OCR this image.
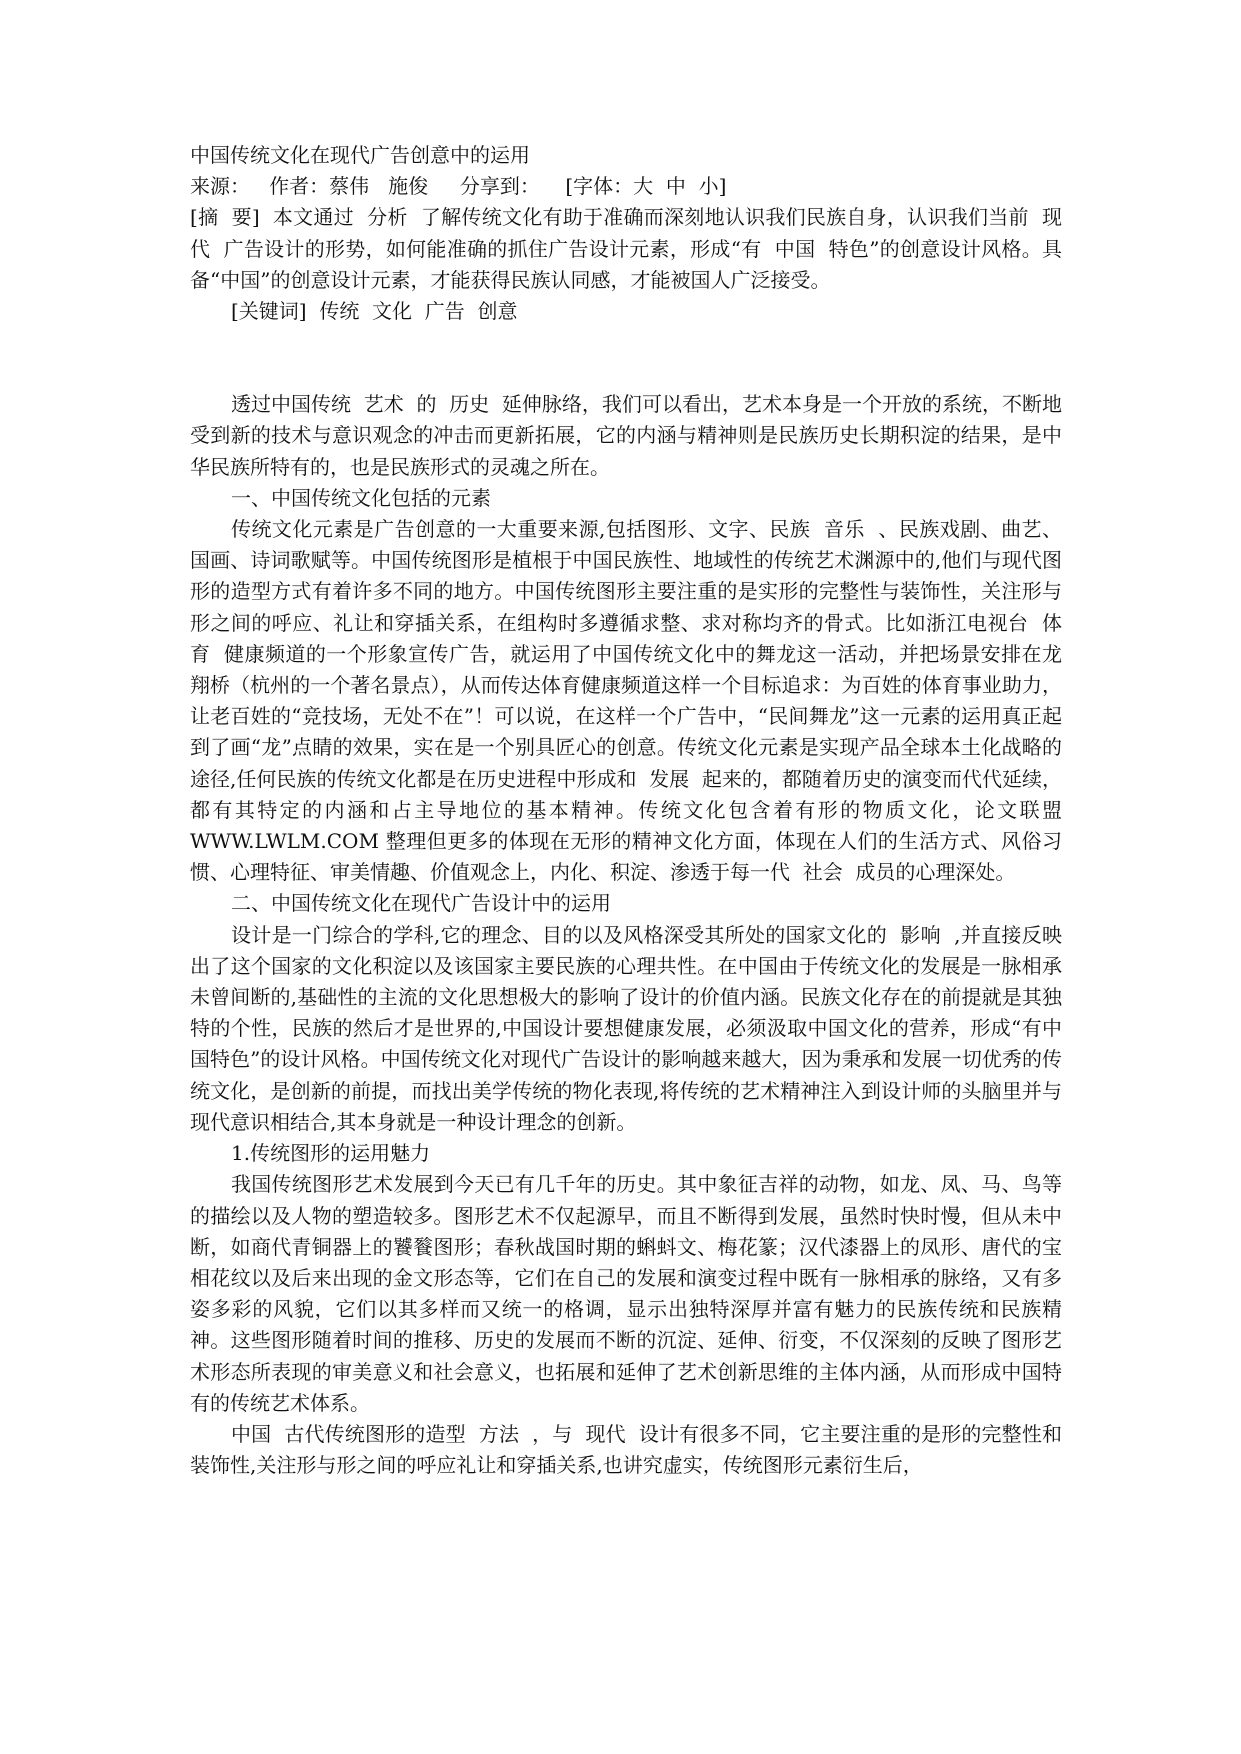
中国传统文化在现代广告创意中的运用

来源：   作者：蔡伟   施俊     分享到：    [字体：大  中  小]

[摘  要]  本文通过  分析  了解传统文化有助于准确而深刻地认识我们民族自身，认识我们当前  现代  广告设计的形势，如何能准确的抓住广告设计元素，形成“有  中国  特色”的创意设计风格。具备“中国”的创意设计元素，才能获得民族认同感，才能被国人广泛接受。

[关键词]  传统  文化  广告  创意

透过中国传统  艺术  的  历史  延伸脉络，我们可以看出，艺术本身是一个开放的系统，不断地受到新的技术与意识观念的冲击而更新拓展，它的内涵与精神则是民族历史长期积淀的结果，是中华民族所特有的，也是民族形式的灵魂之所在。

一、中国传统文化包括的元素

传统文化元素是广告创意的一大重要来源,包括图形、文字、民族  音乐  、民族戏剧、曲艺、国画、诗词歌赋等。中国传统图形是植根于中国民族性、地域性的传统艺术渊源中的,他们与现代图形的造型方式有着许多不同的地方。中国传统图形主要注重的是实形的完整性与装饰性，关注形与形之间的呼应、礼让和穿插关系，在组构时多遵循求整、求对称均齐的骨式。比如浙江电视台  体育  健康频道的一个形象宣传广告，就运用了中国传统文化中的舞龙这一活动，并把场景安排在龙翔桥（杭州的一个著名景点），从而传达体育健康频道这样一个目标追求：为百姓的体育事业助力，让老百姓的“竞技场，无处不在”！可以说，在这样一个广告中，“民间舞龙”这一元素的运用真正起到了画“龙”点睛的效果，实在是一个别具匠心的创意。传统文化元素是实现产品全球本土化战略的途径,任何民族的传统文化都是在历史进程中形成和  发展  起来的，都随着历史的演变而代代延续，都有其特定的内涵和占主导地位的基本精神。传统文化包含着有形的物质文化，论文联盟 WWW.LWLM.COM 整理但更多的体现在无形的精神文化方面，体现在人们的生活方式、风俗习惯、心理特征、审美情趣、价值观念上，内化、积淀、渗透于每一代  社会  成员的心理深处。

二、中国传统文化在现代广告设计中的运用

设计是一门综合的学科,它的理念、目的以及风格深受其所处的国家文化的  影响  ,并直接反映出了这个国家的文化积淀以及该国家主要民族的心理共性。在中国由于传统文化的发展是一脉相承未曾间断的,基础性的主流的文化思想极大的影响了设计的价值内涵。民族文化存在的前提就是其独特的个性，民族的然后才是世界的,中国设计要想健康发展，必须汲取中国文化的营养，形成“有中国特色”的设计风格。中国传统文化对现代广告设计的影响越来越大，因为秉承和发展一切优秀的传统文化，是创新的前提，而找出美学传统的物化表现,将传统的艺术精神注入到设计师的头脑里并与现代意识相结合,其本身就是一种设计理念的创新。

1.传统图形的运用魅力

我国传统图形艺术发展到今天已有几千年的历史。其中象征吉祥的动物，如龙、凤、马、鸟等的描绘以及人物的塑造较多。图形艺术不仅起源早，而且不断得到发展，虽然时快时慢，但从未中断，如商代青铜器上的饕餮图形；春秋战国时期的蝌蚪文、梅花篆；汉代漆器上的凤形、唐代的宝相花纹以及后来出现的金文形态等，它们在自己的发展和演变过程中既有一脉相承的脉络，又有多姿多彩的风貌，它们以其多样而又统一的格调，显示出独特深厚并富有魅力的民族传统和民族精神。这些图形随着时间的推移、历史的发展而不断的沉淀、延伸、衍变，不仅深刻的反映了图形艺术形态所表现的审美意义和社会意义，也拓展和延伸了艺术创新思维的主体内涵，从而形成中国特有的传统艺术体系。

中国  古代传统图形的造型  方法  ，与  现代  设计有很多不同，它主要注重的是形的完整性和装饰性,关注形与形之间的呼应礼让和穿插关系,也讲究虚实，传统图形元素衍生后，
